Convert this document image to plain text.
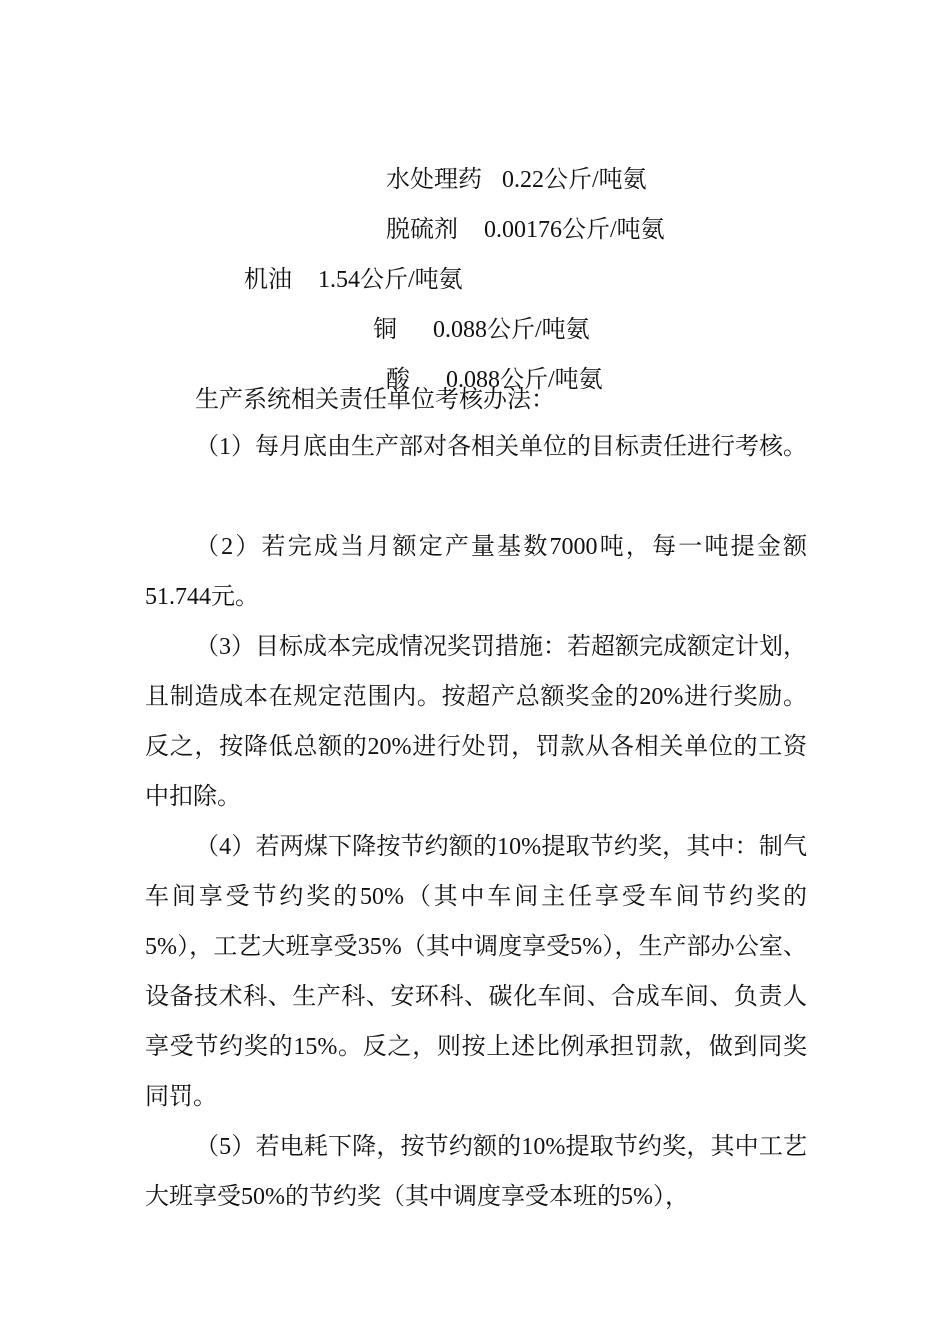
水处理药 0.22公斤/吨氨

脱硫剂 0.00176公斤/吨氨

机油 1.54公斤/吨氨

铜 0.088公斤/吨氨

酸 0.088公斤/吨氨

生产系统相关责任单位考核办法：
（1）每月底由生产部对各相关单位的目标责任进行考核。
（2）若完成当月额定产量基数7000吨，每一吨提金额51.744元。
（3）目标成本完成情况奖罚措施：若超额完成额定计划，且制造成本在规定范围内。按超产总额奖金的20%进行奖励。反之，按降低总额的20%进行处罚，罚款从各相关单位的工资中扣除。
（4）若两煤下降按节约额的10%提取节约奖，其中：制气车间享受节约奖的50%（其中车间主任享受车间节约奖的5%），工艺大班享受35%（其中调度享受5%），生产部办公室、设备技术科、生产科、安环科、碳化车间、合成车间、负责人享受节约奖的15%。反之，则按上述比例承担罚款，做到同奖同罚。
（5）若电耗下降，按节约额的10%提取节约奖，其中工艺大班享受50%的节约奖（其中调度享受本班的5%），
